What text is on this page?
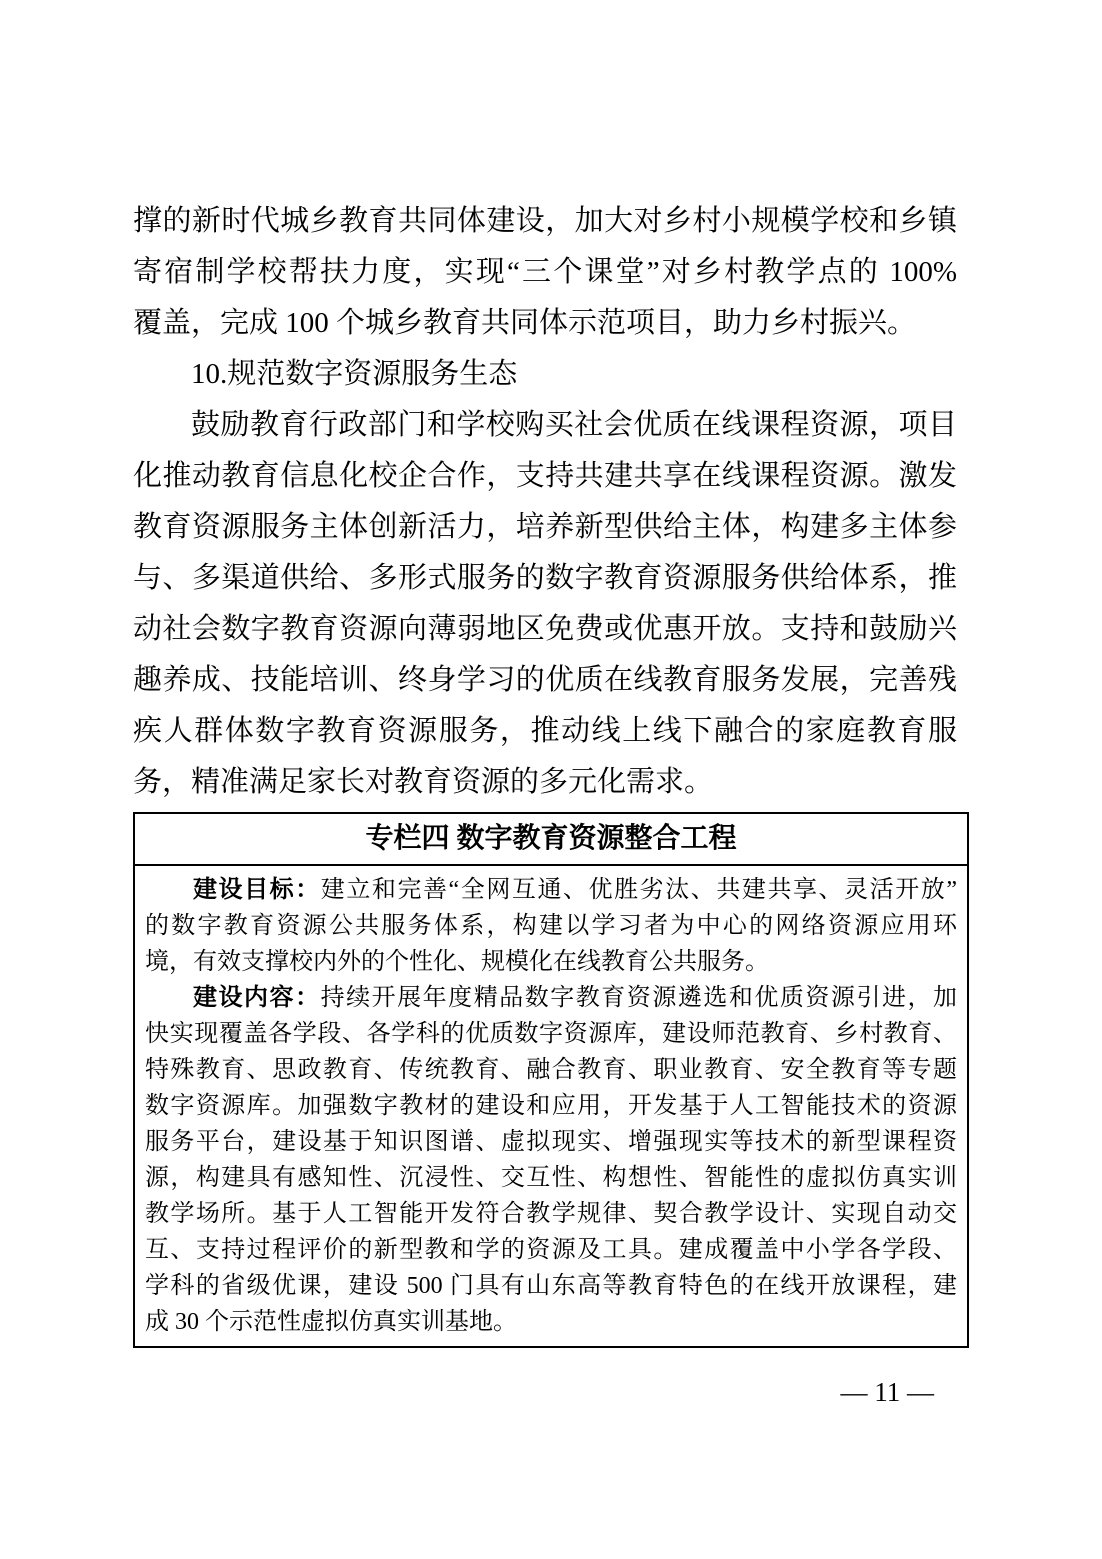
撑的新时代城乡教育共同体建设，加大对乡村小规模学校和乡镇
寄宿制学校帮扶力度，实现“三个课堂”对乡村教学点的 100%
覆盖，完成 100 个城乡教育共同体示范项目，助力乡村振兴。
10.规范数字资源服务生态
鼓励教育行政部门和学校购买社会优质在线课程资源，项目
化推动教育信息化校企合作，支持共建共享在线课程资源。激发
教育资源服务主体创新活力，培养新型供给主体，构建多主体参
与、多渠道供给、多形式服务的数字教育资源服务供给体系，推
动社会数字教育资源向薄弱地区免费或优惠开放。支持和鼓励兴
趣养成、技能培训、终身学习的优质在线教育服务发展，完善残
疾人群体数字教育资源服务，推动线上线下融合的家庭教育服
务，精准满足家长对教育资源的多元化需求。
专栏四 数字教育资源整合工程
建设目标：建立和完善“全网互通、优胜劣汰、共建共享、灵活开放”
的数字教育资源公共服务体系，构建以学习者为中心的网络资源应用环
境，有效支撑校内外的个性化、规模化在线教育公共服务。
建设内容：持续开展年度精品数字教育资源遴选和优质资源引进，加
快实现覆盖各学段、各学科的优质数字资源库，建设师范教育、乡村教育、
特殊教育、思政教育、传统教育、融合教育、职业教育、安全教育等专题
数字资源库。加强数字教材的建设和应用，开发基于人工智能技术的资源
服务平台，建设基于知识图谱、虚拟现实、增强现实等技术的新型课程资
源，构建具有感知性、沉浸性、交互性、构想性、智能性的虚拟仿真实训
教学场所。基于人工智能开发符合教学规律、契合教学设计、实现自动交
互、支持过程评价的新型教和学的资源及工具。建成覆盖中小学各学段、
学科的省级优课，建设 500 门具有山东高等教育特色的在线开放课程，建
成 30 个示范性虚拟仿真实训基地。
— 11 —
